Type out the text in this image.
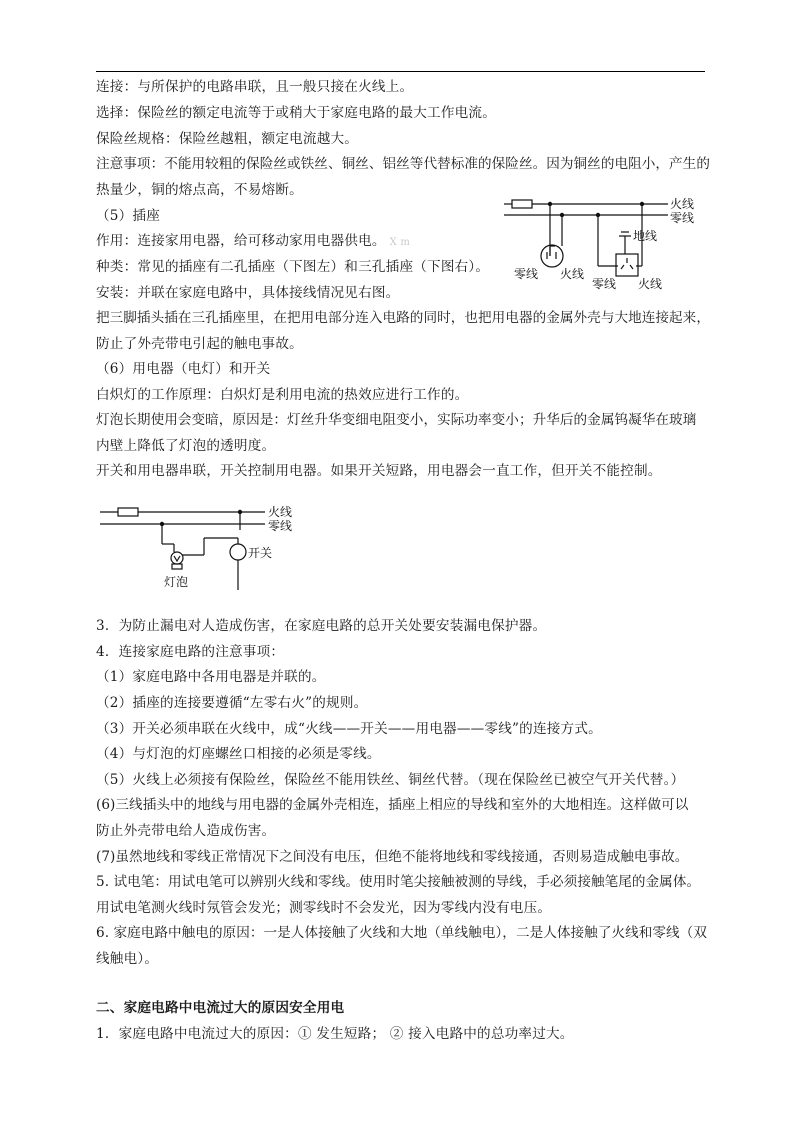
连接：与所保护的电路串联，且一般只接在火线上。
选择：保险丝的额定电流等于或稍大于家庭电路的最大工作电流。
保险丝规格：保险丝越粗，额定电流越大。
注意事项：不能用较粗的保险丝或铁丝、铜丝、铝丝等代替标准的保险丝。因为铜丝的电阻小，产生的
热量少，铜的熔点高，不易熔断。
（5）插座
作用：连接家用电器，给可移动家用电器供电。 X m
种类：常见的插座有二孔插座（下图左）和三孔插座（下图右）。
安装：并联在家庭电路中，具体接线情况见右图。
把三脚插头插在三孔插座里，在把用电部分连入电路的同时，也把用电器的金属外壳与大地连接起来，
防止了外壳带电引起的触电事故。
（6）用电器（电灯）和开关
白炽灯的工作原理：白炽灯是利用电流的热效应进行工作的。
灯泡长期使用会变暗，原因是：灯丝升华变细电阻变小，实际功率变小；升华后的金属钨凝华在玻璃
内壁上降低了灯泡的透明度。
开关和用电器串联，开关控制用电器。如果开关短路，用电器会一直工作，但开关不能控制。
3．为防止漏电对人造成伤害，在家庭电路的总开关处要安装漏电保护器。
4．连接家庭电路的注意事项：
（1）家庭电路中各用电器是并联的。
（2）插座的连接要遵循“左零右火”的规则。
（3）开关必须串联在火线中，成“火线——开关——用电器——零线”的连接方式。
（4）与灯泡的灯座螺丝口相接的必须是零线。
（5）火线上必须接有保险丝，保险丝不能用铁丝、铜丝代替。（现在保险丝已被空气开关代替。）
(6)三线插头中的地线与用电器的金属外壳相连，插座上相应的导线和室外的大地相连。这样做可以
防止外壳带电给人造成伤害。
(7)虽然地线和零线正常情况下之间没有电压，但绝不能将地线和零线接通，否则易造成触电事故。
5. 试电笔：用试电笔可以辨别火线和零线。使用时笔尖接触被测的导线，手必须接触笔尾的金属体。
用试电笔测火线时氖管会发光；测零线时不会发光，因为零线内没有电压。
6. 家庭电路中触电的原因：一是人体接触了火线和大地（单线触电），二是人体接触了火线和零线（双
线触电）。
二、家庭电路中电流过大的原因安全用电
1．家庭电路中电流过大的原因：① 发生短路； ② 接入电路中的总功率过大。
火线
零线
地线
零线 火线
零线 火线
火线
零线
开关
灯泡
